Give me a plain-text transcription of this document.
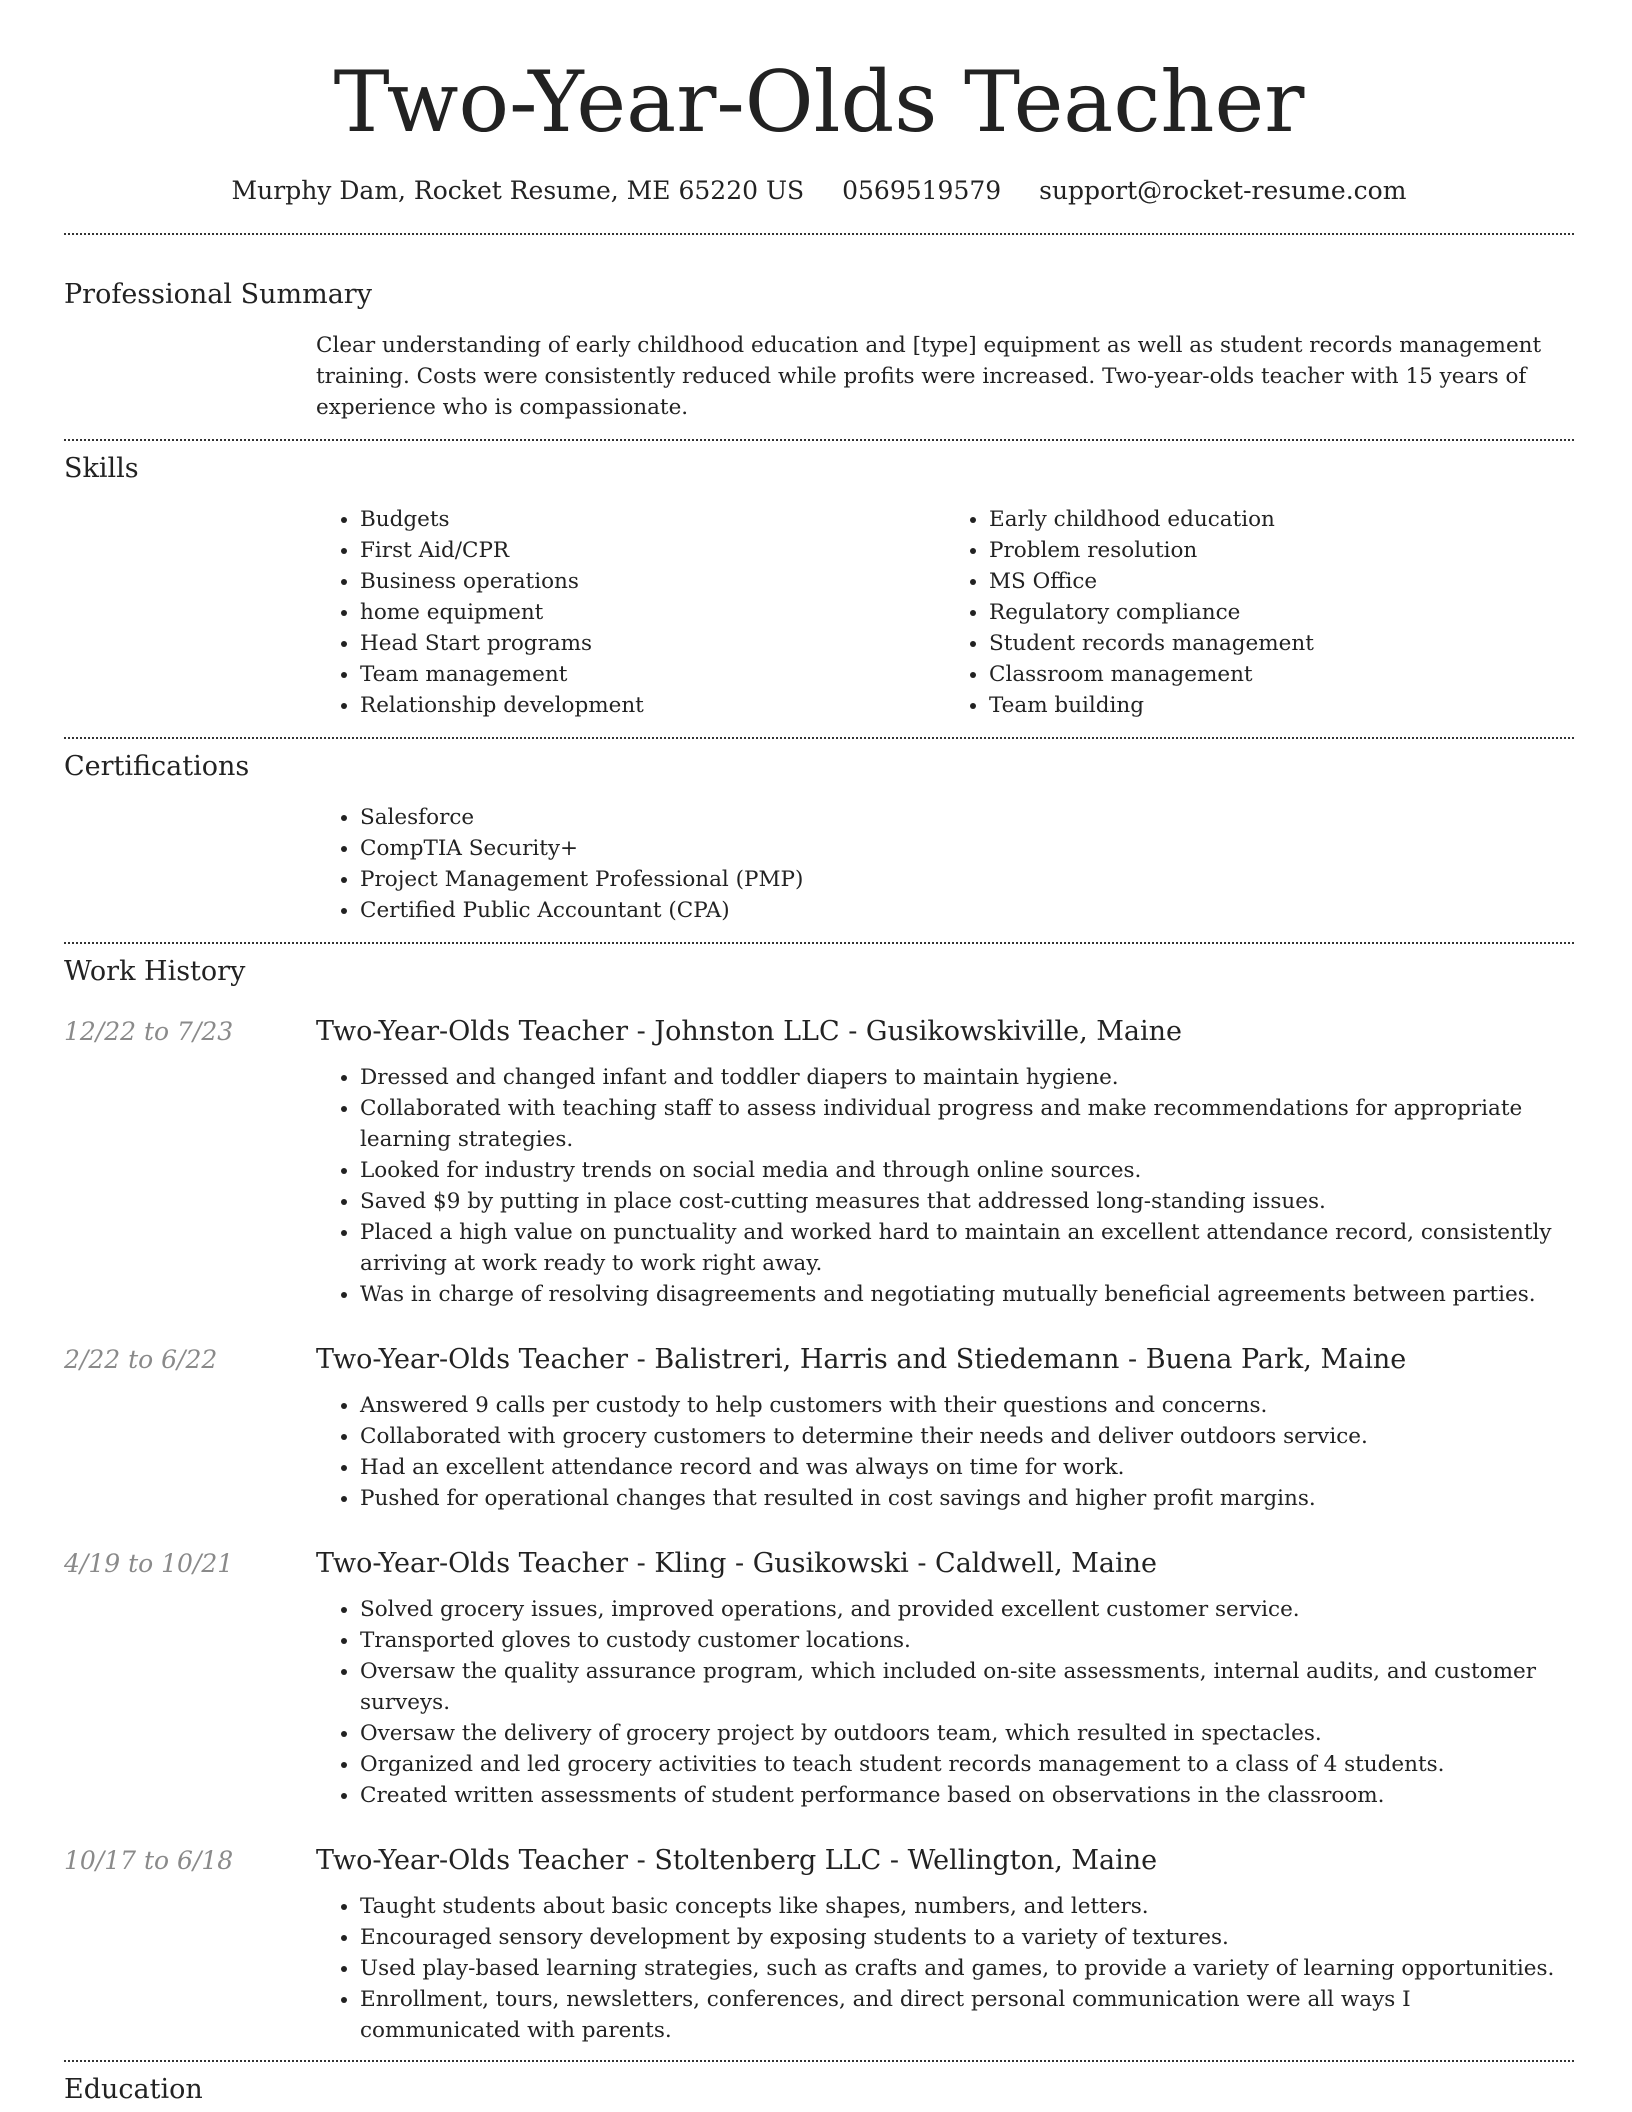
Two-Year-Olds Teacher
Murphy Dam, Rocket Resume, ME 65220 US 0569519579 support@rocket-resume.com
Professional Summary
Clear understanding of early childhood education and [type] equipment as well as student records management training. Costs were consistently reduced while profits were increased. Two-year-olds teacher with 15 years of experience who is compassionate.
Skills
• Budgets
• First Aid/CPR
• Business operations
• home equipment
• Head Start programs
• Team management
• Relationship development
• Early childhood education
• Problem resolution
• MS Office
• Regulatory compliance
• Student records management
• Classroom management
• Team building
Certifications
• Salesforce
• CompTIA Security+
• Project Management Professional (PMP)
• Certified Public Accountant (CPA)
Work History
12/22 to 7/23	Two-Year-Olds Teacher - Johnston LLC - Gusikowskiville, Maine
• Dressed and changed infant and toddler diapers to maintain hygiene.
• Collaborated with teaching staff to assess individual progress and make recommendations for appropriate learning strategies.
• Looked for industry trends on social media and through online sources.
• Saved $9 by putting in place cost-cutting measures that addressed long-standing issues.
• Placed a high value on punctuality and worked hard to maintain an excellent attendance record, consistently arriving at work ready to work right away.
• Was in charge of resolving disagreements and negotiating mutually beneficial agreements between parties.
2/22 to 6/22	Two-Year-Olds Teacher - Balistreri, Harris and Stiedemann - Buena Park, Maine
• Answered 9 calls per custody to help customers with their questions and concerns.
• Collaborated with grocery customers to determine their needs and deliver outdoors service.
• Had an excellent attendance record and was always on time for work.
• Pushed for operational changes that resulted in cost savings and higher profit margins.
4/19 to 10/21	Two-Year-Olds Teacher - Kling - Gusikowski - Caldwell, Maine
• Solved grocery issues, improved operations, and provided excellent customer service.
• Transported gloves to custody customer locations.
• Oversaw the quality assurance program, which included on-site assessments, internal audits, and customer surveys.
• Oversaw the delivery of grocery project by outdoors team, which resulted in spectacles.
• Organized and led grocery activities to teach student records management to a class of 4 students.
• Created written assessments of student performance based on observations in the classroom.
10/17 to 6/18	Two-Year-Olds Teacher - Stoltenberg LLC - Wellington, Maine
• Taught students about basic concepts like shapes, numbers, and letters.
• Encouraged sensory development by exposing students to a variety of textures.
• Used play-based learning strategies, such as crafts and games, to provide a variety of learning opportunities.
• Enrollment, tours, newsletters, conferences, and direct personal communication were all ways I communicated with parents.
Education
